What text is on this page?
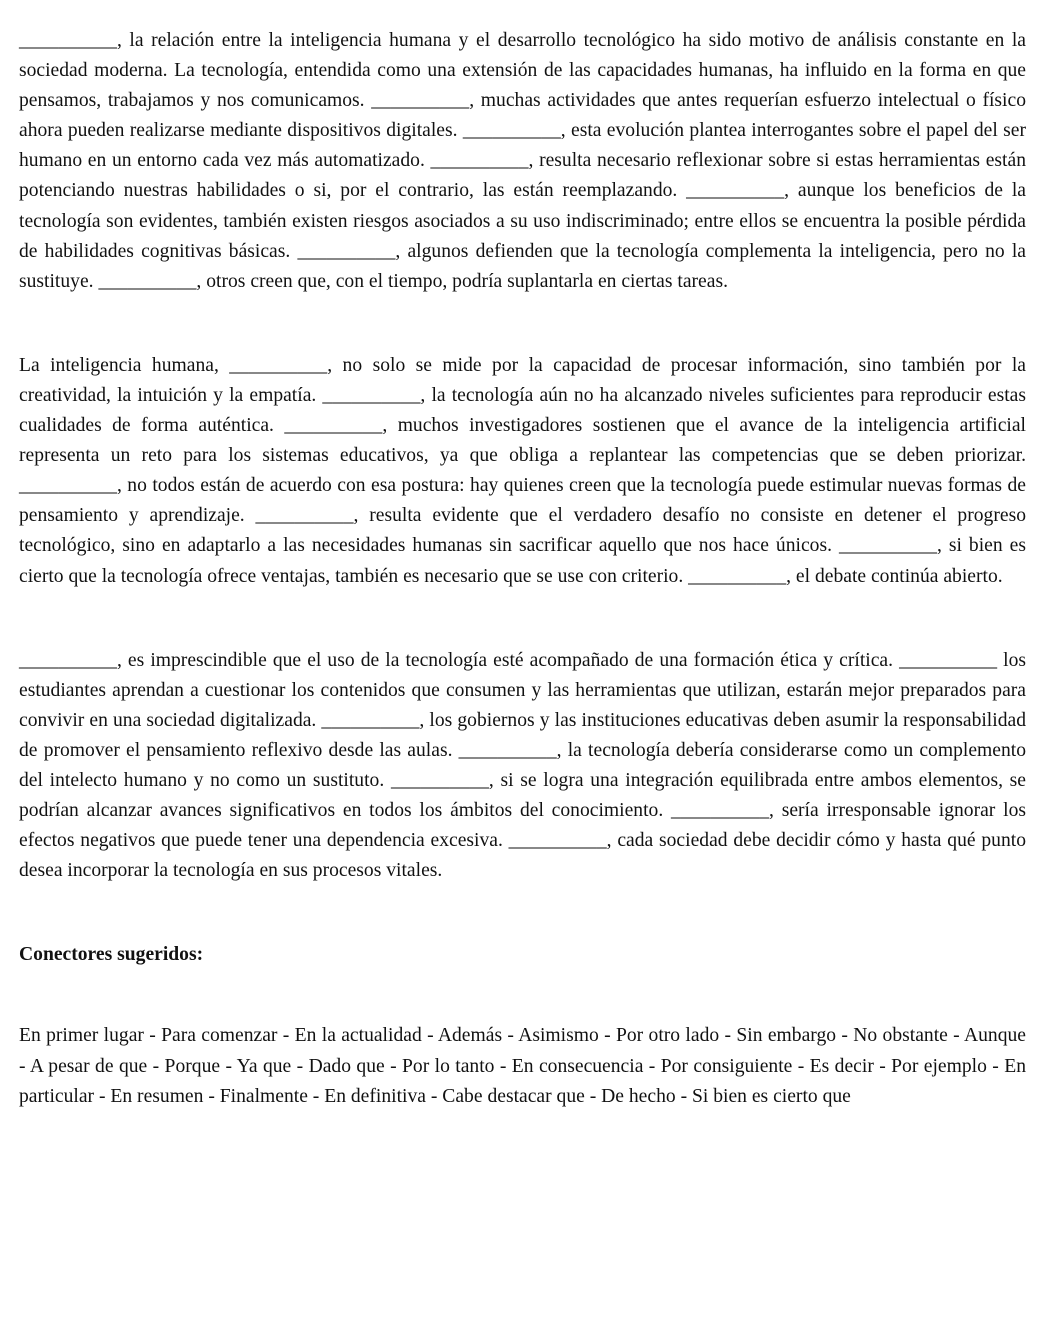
__________, la relación entre la inteligencia humana y el desarrollo tecnológico ha sido motivo de análisis constante en la sociedad moderna. La tecnología, entendida como una extensión de las capacidades humanas, ha influido en la forma en que pensamos, trabajamos y nos comunicamos. __________, muchas actividades que antes requerían esfuerzo intelectual o físico ahora pueden realizarse mediante dispositivos digitales. __________, esta evolución plantea interrogantes sobre el papel del ser humano en un entorno cada vez más automatizado. __________, resulta necesario reflexionar sobre si estas herramientas están potenciando nuestras habilidades o si, por el contrario, las están reemplazando. __________, aunque los beneficios de la tecnología son evidentes, también existen riesgos asociados a su uso indiscriminado; entre ellos se encuentra la posible pérdida de habilidades cognitivas básicas. __________, algunos defienden que la tecnología complementa la inteligencia, pero no la sustituye. __________, otros creen que, con el tiempo, podría suplantarla en ciertas tareas.

La inteligencia humana, __________, no solo se mide por la capacidad de procesar información, sino también por la creatividad, la intuición y la empatía. __________, la tecnología aún no ha alcanzado niveles suficientes para reproducir estas cualidades de forma auténtica. __________, muchos investigadores sostienen que el avance de la inteligencia artificial representa un reto para los sistemas educativos, ya que obliga a replantear las competencias que se deben priorizar. __________, no todos están de acuerdo con esa postura: hay quienes creen que la tecnología puede estimular nuevas formas de pensamiento y aprendizaje. __________, resulta evidente que el verdadero desafío no consiste en detener el progreso tecnológico, sino en adaptarlo a las necesidades humanas sin sacrificar aquello que nos hace únicos. __________, si bien es cierto que la tecnología ofrece ventajas, también es necesario que se use con criterio. __________, el debate continúa abierto.

__________, es imprescindible que el uso de la tecnología esté acompañado de una formación ética y crítica. __________ los estudiantes aprendan a cuestionar los contenidos que consumen y las herramientas que utilizan, estarán mejor preparados para convivir en una sociedad digitalizada. __________, los gobiernos y las instituciones educativas deben asumir la responsabilidad de promover el pensamiento reflexivo desde las aulas. __________, la tecnología debería considerarse como un complemento del intelecto humano y no como un sustituto. __________, si se logra una integración equilibrada entre ambos elementos, se podrían alcanzar avances significativos en todos los ámbitos del conocimiento. __________, sería irresponsable ignorar los efectos negativos que puede tener una dependencia excesiva. __________, cada sociedad debe decidir cómo y hasta qué punto desea incorporar la tecnología en sus procesos vitales.

Conectores sugeridos:

En primer lugar - Para comenzar - En la actualidad - Además - Asimismo - Por otro lado - Sin embargo - No obstante - Aunque - A pesar de que - Porque - Ya que - Dado que - Por lo tanto - En consecuencia - Por consiguiente - Es decir - Por ejemplo - En particular - En resumen - Finalmente - En definitiva - Cabe destacar que - De hecho - Si bien es cierto que
